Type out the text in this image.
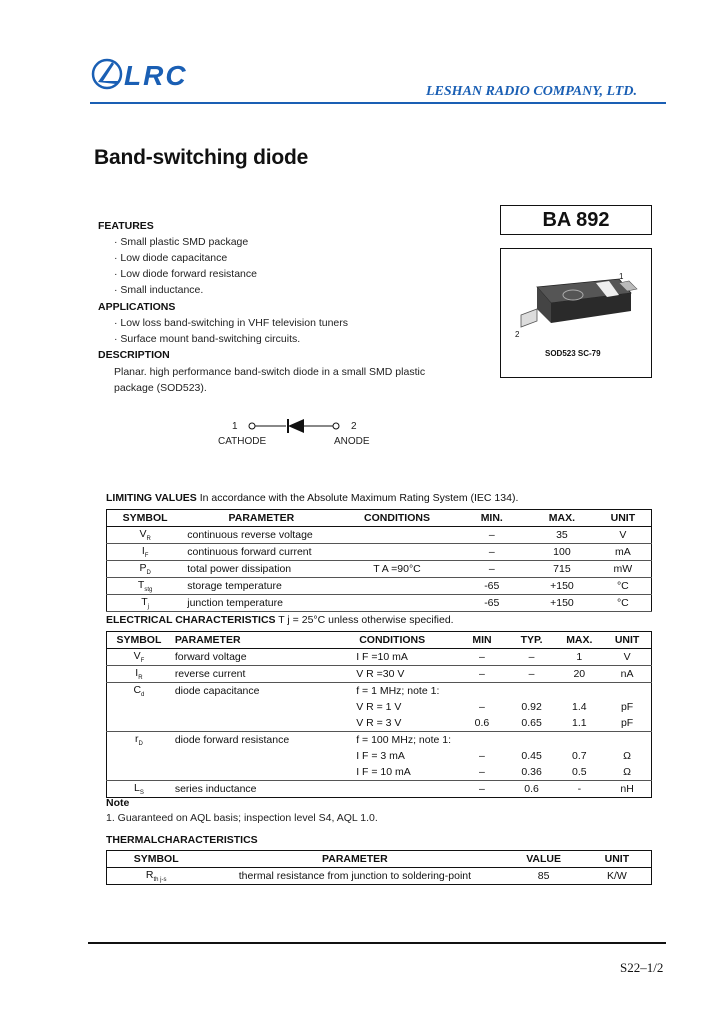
LRC
LESHAN RADIO COMPANY, LTD.
Band-switching diode
BA 892
1
2
SOD523 SC-79
FEATURES
· Small plastic SMD package
· Low diode capacitance
· Low diode forward resistance
· Small inductance.
APPLICATIONS
· Low loss band-switching in VHF television tuners
· Surface mount band-switching circuits.
DESCRIPTION
Planar. high performance band-switch diode in a small SMD plastic
package (SOD523).
1
CATHODE
2
ANODE
LIMITING VALUES In accordance with the Absolute Maximum Rating System (IEC 134).
SYMBOL	PARAMETER	CONDITIONS	MIN.	MAX.	UNIT
$V_R$	continuous reverse voltage		–	35	V
$I_F$	continuous forward current		–	100	mA
$P_D$	total power dissipation	T A =90°C	–	715	mW
$T_{stg}$	storage temperature		-65	+150	°C
$T_j$	junction temperature		-65	+150	°C
ELECTRICAL CHARACTERISTICS T j = 25°C unless otherwise specified.
SYMBOL	PARAMETER	CONDITIONS	MIN	TYP.	MAX.	UNIT
$V_F$	forward voltage	I F =10 mA	–	–	1	V
$I_R$	reverse current	V R =30 V	–	–	20	nA
$C_d$	diode capacitance	f = 1 MHz; note 1:				
		V R = 1 V	–	0.92	1.4	pF
		V R = 3 V	0.6	0.65	1.1	pF
$r_D$	diode forward resistance	f = 100 MHz; note 1:				
		I F = 3 mA	–	0.45	0.7	Ω
		I F = 10 mA	–	0.36	0.5	Ω
$L_S$	series inductance		–	0.6	-	nH
Note
1. Guaranteed on AQL basis; inspection level S4, AQL 1.0.
THERMALCHARACTERISTICS
SYMBOL	PARAMETER	VALUE	UNIT
$R_{th j-s}$	thermal resistance from junction to soldering-point	85	K/W
S22–1/2
